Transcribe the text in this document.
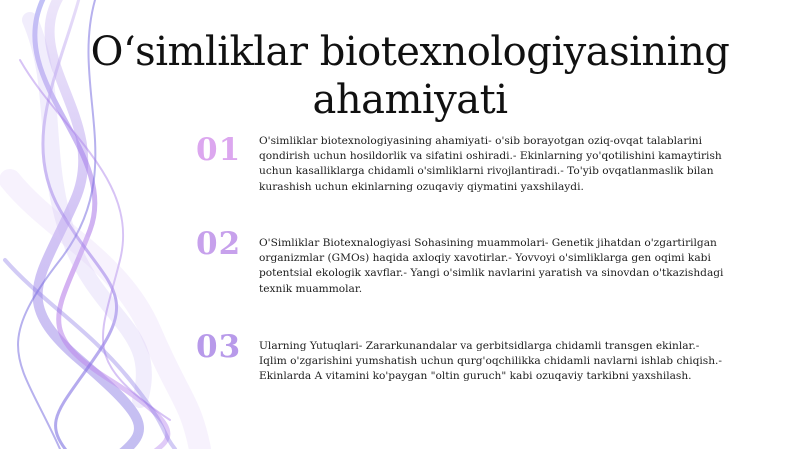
O‘simliklar biotexnologiyasining ahamiyati
01	O'simliklar biotexnologiyasining ahamiyati- o'sib borayotgan oziq-ovqat talablarini qondirish uchun hosildorlik va sifatini oshiradi.- Ekinlarning yo'qotilishini kamaytirish uchun kasalliklarga chidamli o'simliklarni rivojlantiradi.- To'yib ovqatlanmaslik bilan kurashish uchun ekinlarning ozuqaviy qiymatini yaxshilaydi.

02	O'Simliklar Biotexnalogiyasi Sohasining muammolari- Genetik jihatdan o'zgartirilgan organizmlar (GMOs) haqida axloqiy xavotirlar.- Yovvoyi o'simliklarga gen oqimi kabi potentsial ekologik xavflar.- Yangi o'simlik navlarini yaratish va sinovdan o'tkazishdagi texnik muammolar.

03	Ularning Yutuqlari- Zararkunandalar va gerbitsidlarga chidamli transgen ekinlar.- Iqlim o'zgarishini yumshatish uchun qurg'oqchilikka chidamli navlarni ishlab chiqish.- Ekinlarda A vitamini ko'paygan "oltin guruch" kabi ozuqaviy tarkibni yaxshilash.
